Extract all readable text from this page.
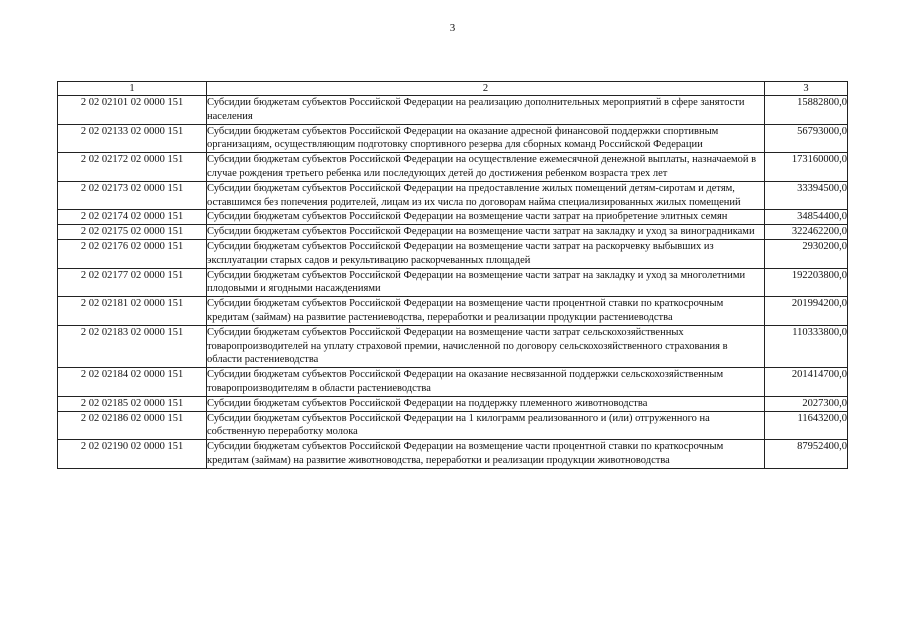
3
1	2	3
2 02 02101 02 0000 151	Субсидии бюджетам субъектов Российской Федерации на реализацию дополнительных мероприятий в сфере занятости населения	15882800,0
2 02 02133 02 0000 151	Субсидии бюджетам субъектов Российской Федерации на оказание адресной финансовой поддержки спортивным организациям, осуществляющим подготовку спортивного резерва для сборных команд Российской Федерации	56793000,0
2 02 02172 02 0000 151	Субсидии бюджетам субъектов Российской Федерации на осуществление ежемесячной денежной выплаты, назначаемой в случае рождения третьего ребенка или последующих детей до достижения ребенком возраста трех лет	173160000,0
2 02 02173 02 0000 151	Субсидии бюджетам субъектов Российской Федерации на предоставление жилых помещений детям-сиротам и детям, оставшимся без попечения родителей, лицам из их числа по договорам найма специализированных жилых помещений	33394500,0
2 02 02174 02 0000 151	Субсидии бюджетам субъектов Российской Федерации на возмещение части затрат на приобретение элитных семян	34854400,0
2 02 02175 02 0000 151	Субсидии бюджетам субъектов Российской Федерации на возмещение части затрат на закладку и уход за виноградниками	322462200,0
2 02 02176 02 0000 151	Субсидии бюджетам субъектов Российской Федерации на возмещение части затрат на раскорчевку выбывших из эксплуатации старых садов и рекультивацию раскорчеванных площадей	2930200,0
2 02 02177 02 0000 151	Субсидии бюджетам субъектов Российской Федерации на возмещение части затрат на закладку и уход за многолетними плодовыми и ягодными насаждениями	192203800,0
2 02 02181 02 0000 151	Субсидии бюджетам субъектов Российской Федерации на возмещение части процентной ставки по краткосрочным кредитам (займам) на развитие растениеводства, переработки и реализации продукции растениеводства	201994200,0
2 02 02183 02 0000 151	Субсидии бюджетам субъектов Российской Федерации на возмещение части затрат сельскохозяйственных товаропроизводителей на уплату страховой премии, начисленной по договору сельскохозяйственного страхования в области растениеводства	110333800,0
2 02 02184 02 0000 151	Субсидии бюджетам субъектов Российской Федерации на оказание несвязанной поддержки сельскохозяйственным товаропроизводителям в области растениеводства	201414700,0
2 02 02185 02 0000 151	Субсидии бюджетам субъектов Российской Федерации на поддержку племенного животноводства	2027300,0
2 02 02186 02 0000 151	Субсидии бюджетам субъектов Российской Федерации на 1 килограмм реализованного и (или) отгруженного на собственную переработку молока	11643200,0
2 02 02190 02 0000 151	Субсидии бюджетам субъектов Российской Федерации на возмещение части процентной ставки по краткосрочным кредитам (займам) на развитие животноводства, переработки и реализации продукции животноводства	87952400,0
